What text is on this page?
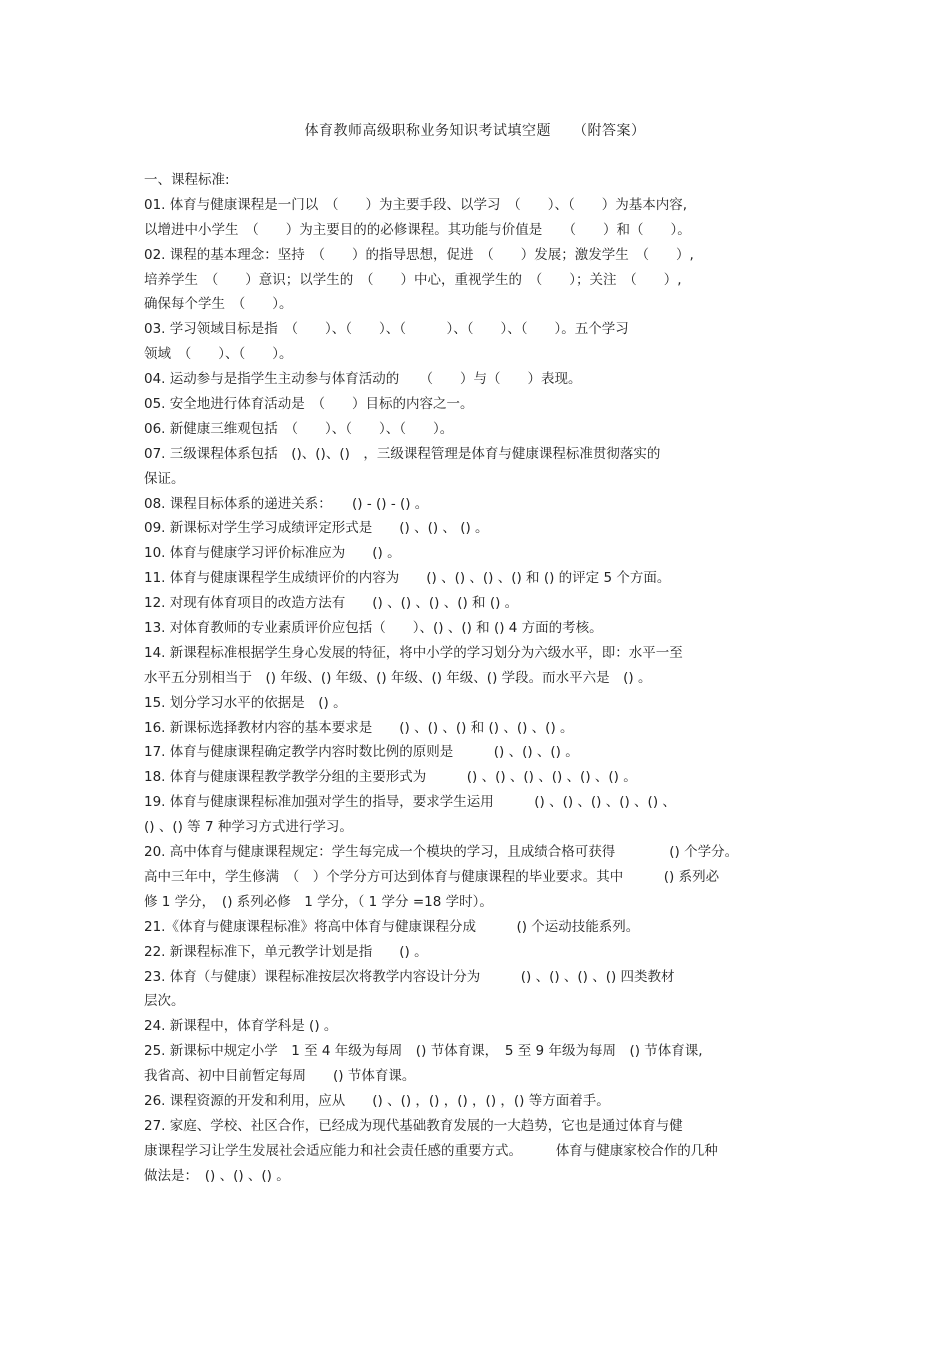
体育教师高级职称业务知识考试填空题　　（附答案）
一、课程标准:
01. 体育与健康课程是一门以　（　　）为主要手段、以学习　（　　）、（　　）为基本内容,
以增进中小学生　（　　）为主要目的的必修课程。其功能与价值是　　（　　）和（　　）。
02. 课程的基本理念：坚持　（　　）的指导思想，促进　（　　）发展；激发学生　（　　）,
培养学生　（　　）意识；以学生的　（　　）中心，重视学生的　（　　）；关注　（　　）,
确保每个学生　（　　）。
03. 学习领域目标是指　（　　）、（　　）、（　　　）、（　　）、（　　）。五个学习
领域　（　　）、（　　）。
04. 运动参与是指学生主动参与体育活动的　　（　　）与（　　）表现。
05. 安全地进行体育活动是　（　　）目标的内容之一。
06. 新健康三维观包括　（　　）、（　　）、（　　）。
07. 三级课程体系包括　()、()、()　，三级课程管理是体育与健康课程标准贯彻落实的
保证。
08. 课程目标体系的递进关系：　　() - () - () 。
09. 新课标对学生学习成绩评定形式是　　() 、() 、 () 。
10. 体育与健康学习评价标准应为　　() 。
11. 体育与健康课程学生成绩评价的内容为　　() 、() 、() 、() 和 () 的评定 5 个方面。
12. 对现有体育项目的改造方法有　　() 、() 、() 、() 和 () 。
13. 对体育教师的专业素质评价应包括（　　）、() 、() 和 () 4 方面的考核。
14. 新课程标准根据学生身心发展的特征，将中小学的学习划分为六级水平，即：水平一至
水平五分别相当于　() 年级、() 年级、() 年级、() 年级、() 学段。而水平六是　() 。
15. 划分学习水平的依据是　() 。
16. 新课标选择教材内容的基本要求是　　() 、() 、() 和 () 、() 、() 。
17. 体育与健康课程确定教学内容时数比例的原则是　　　() 、() 、() 。
18. 体育与健康课程教学教学分组的主要形式为　　　() 、() 、() 、() 、() 、() 。
19. 体育与健康课程标准加强对学生的指导，要求学生运用　　　() 、() 、() 、() 、() 、
() 、() 等 7 种学习方式进行学习。
20. 高中体育与健康课程规定：学生每完成一个模块的学习，且成绩合格可获得　　　　() 个学分。
高中三年中，学生修满　（　）个学分方可达到体育与健康课程的毕业要求。其中　　　() 系列必
修 1 学分，　() 系列必修　1 学分，（ 1 学分 =18 学时）。
21.《体育与健康课程标准》将高中体育与健康课程分成　　　() 个运动技能系列。
22. 新课程标准下，单元教学计划是指　　() 。
23. 体育（与健康）课程标准按层次将教学内容设计分为　　　() 、() 、() 、() 四类教材
层次。
24. 新课程中，体育学科是 () 。
25. 新课标中规定小学　1 至 4 年级为每周　() 节体育课，　5 至 9 年级为每周　() 节体育课,
我省高、初中目前暂定每周　　() 节体育课。
26. 课程资源的开发和利用，应从　　() 、() ，() ，() ，() ，() 等方面着手。
27. 家庭、学校、社区合作，已经成为现代基础教育发展的一大趋势，它也是通过体育与健
康课程学习让学生发展社会适应能力和社会责任感的重要方式。　　　体育与健康家校合作的几种
做法是：　() 、() 、() 。
